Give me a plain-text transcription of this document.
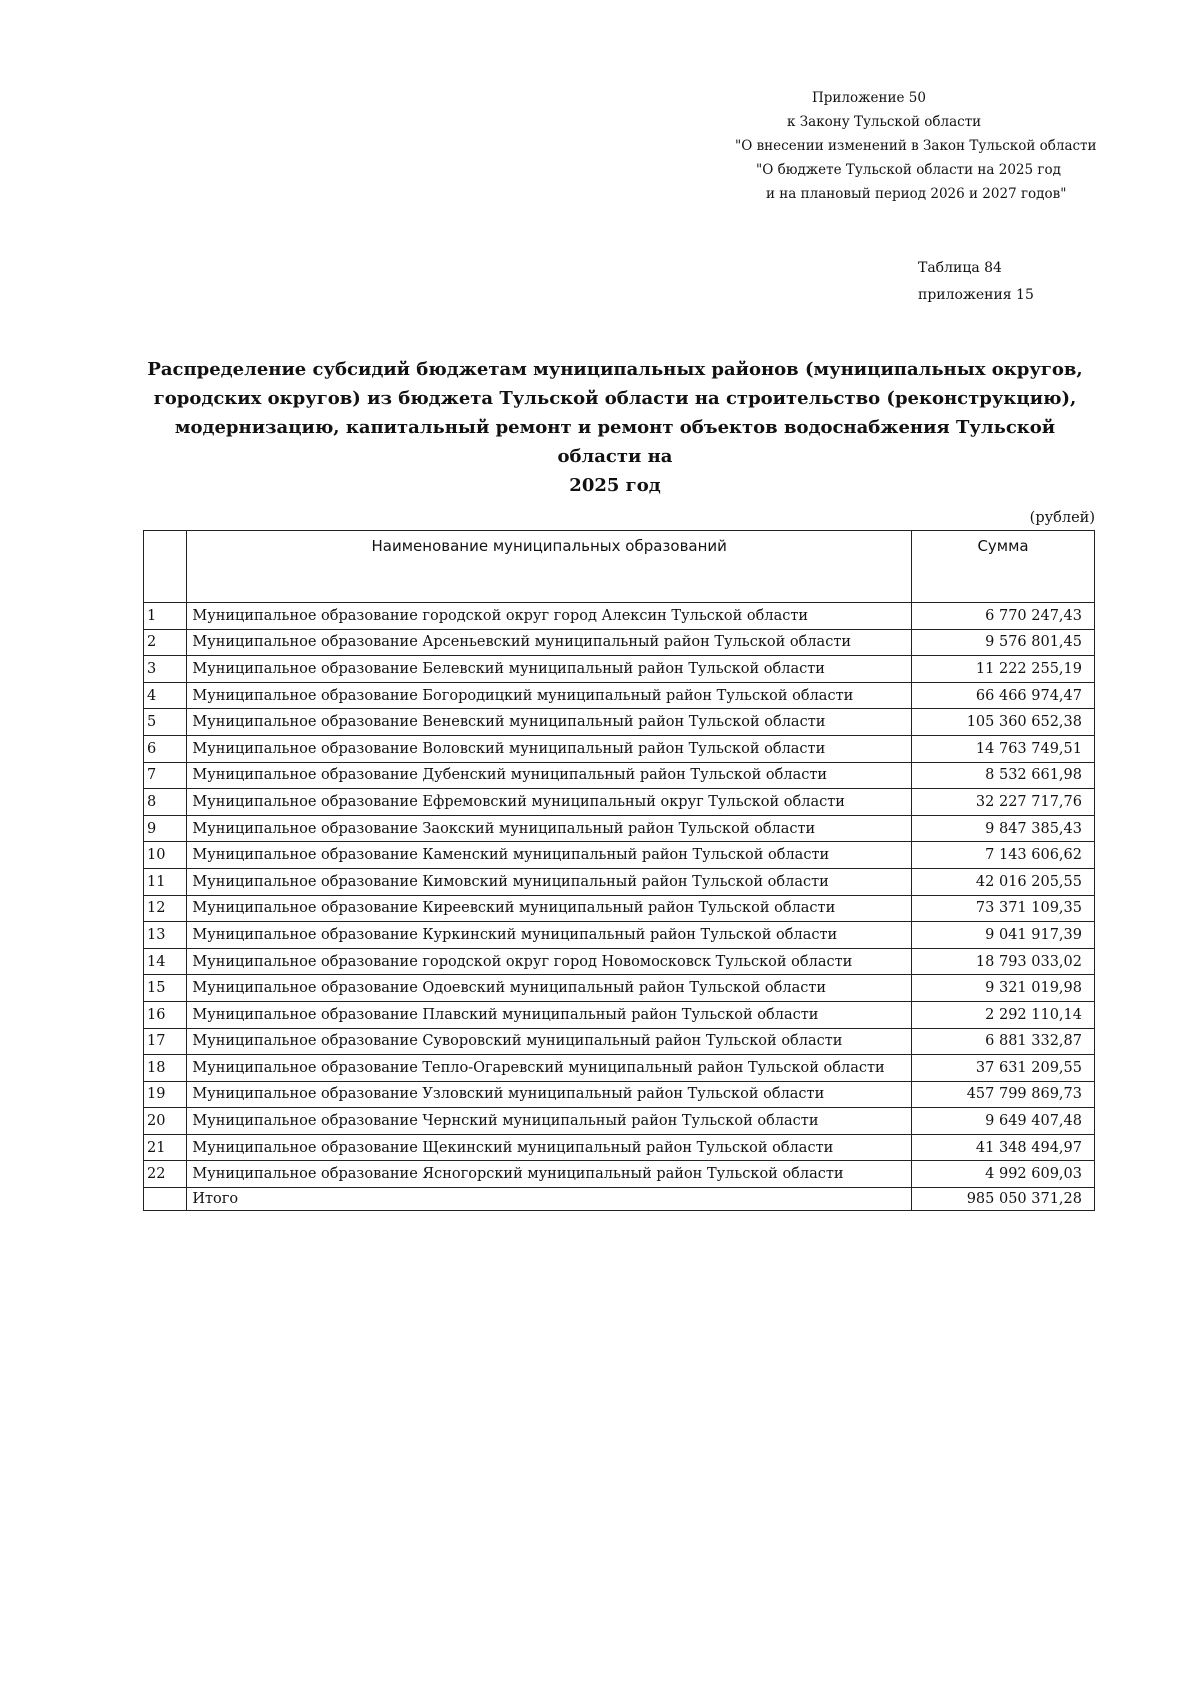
Приложение 50
к Закону Тульской области
"О внесении изменений в Закон Тульской области
"О бюджете Тульской области на 2025 год
и на плановый период 2026 и 2027 годов"
Таблица 84
приложения 15
Распределение субсидий бюджетам муниципальных районов (муниципальных округов,
городских округов) из бюджета Тульской области на строительство (реконструкцию),
модернизацию, капитальный ремонт и ремонт объектов водоснабжения Тульской области на
2025 год
(рублей)
	Наименование муниципальных образований	Сумма
1	Муниципальное образование городской округ город Алексин Тульской области	6 770 247,43
2	Муниципальное образование Арсеньевский муниципальный район Тульской области	9 576 801,45
3	Муниципальное образование Белевский муниципальный район Тульской области	11 222 255,19
4	Муниципальное образование Богородицкий муниципальный район Тульской области	66 466 974,47
5	Муниципальное образование Веневский муниципальный район Тульской области	105 360 652,38
6	Муниципальное образование Воловский муниципальный район Тульской области	14 763 749,51
7	Муниципальное образование Дубенский муниципальный район Тульской области	8 532 661,98
8	Муниципальное образование Ефремовский муниципальный округ Тульской области	32 227 717,76
9	Муниципальное образование Заокский муниципальный район Тульской области	9 847 385,43
10	Муниципальное образование Каменский муниципальный район Тульской области	7 143 606,62
11	Муниципальное образование Кимовский муниципальный район Тульской области	42 016 205,55
12	Муниципальное образование Киреевский муниципальный район Тульской области	73 371 109,35
13	Муниципальное образование Куркинский муниципальный район Тульской области	9 041 917,39
14	Муниципальное образование городской округ город Новомосковск Тульской области	18 793 033,02
15	Муниципальное образование Одоевский муниципальный район Тульской области	9 321 019,98
16	Муниципальное образование Плавский муниципальный район Тульской области	2 292 110,14
17	Муниципальное образование Суворовский муниципальный район Тульской области	6 881 332,87
18	Муниципальное образование Тепло-Огаревский муниципальный район Тульской области	37 631 209,55
19	Муниципальное образование Узловский муниципальный район Тульской области	457 799 869,73
20	Муниципальное образование Чернский муниципальный район Тульской области	9 649 407,48
21	Муниципальное образование Щекинский муниципальный район Тульской области	41 348 494,97
22	Муниципальное образование Ясногорский муниципальный район Тульской области	4 992 609,03
	Итого	985 050 371,28
